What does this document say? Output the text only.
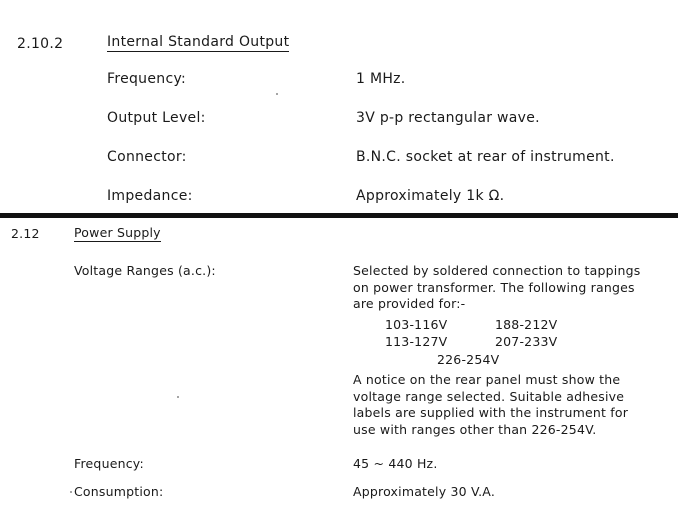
2.10.2	Internal Standard Output
Frequency:	1 MHz.
Output Level:	3V p-p rectangular wave.
Connector:	B.N.C. socket at rear of instrument.
Impedance:	Approximately 1k Ω.
2.12	Power Supply
Voltage Ranges (a.c.):	Selected by soldered connection to tappings
on power transformer. The following ranges
are provided for:-
103-116V	188-212V
113-127V	207-233V
226-254V
A notice on the rear panel must show the
voltage range selected. Suitable adhesive
labels are supplied with the instrument for
use with ranges other than 226-254V.
Frequency:	45 ~ 440 Hz.
Consumption:	Approximately 30 V.A.
